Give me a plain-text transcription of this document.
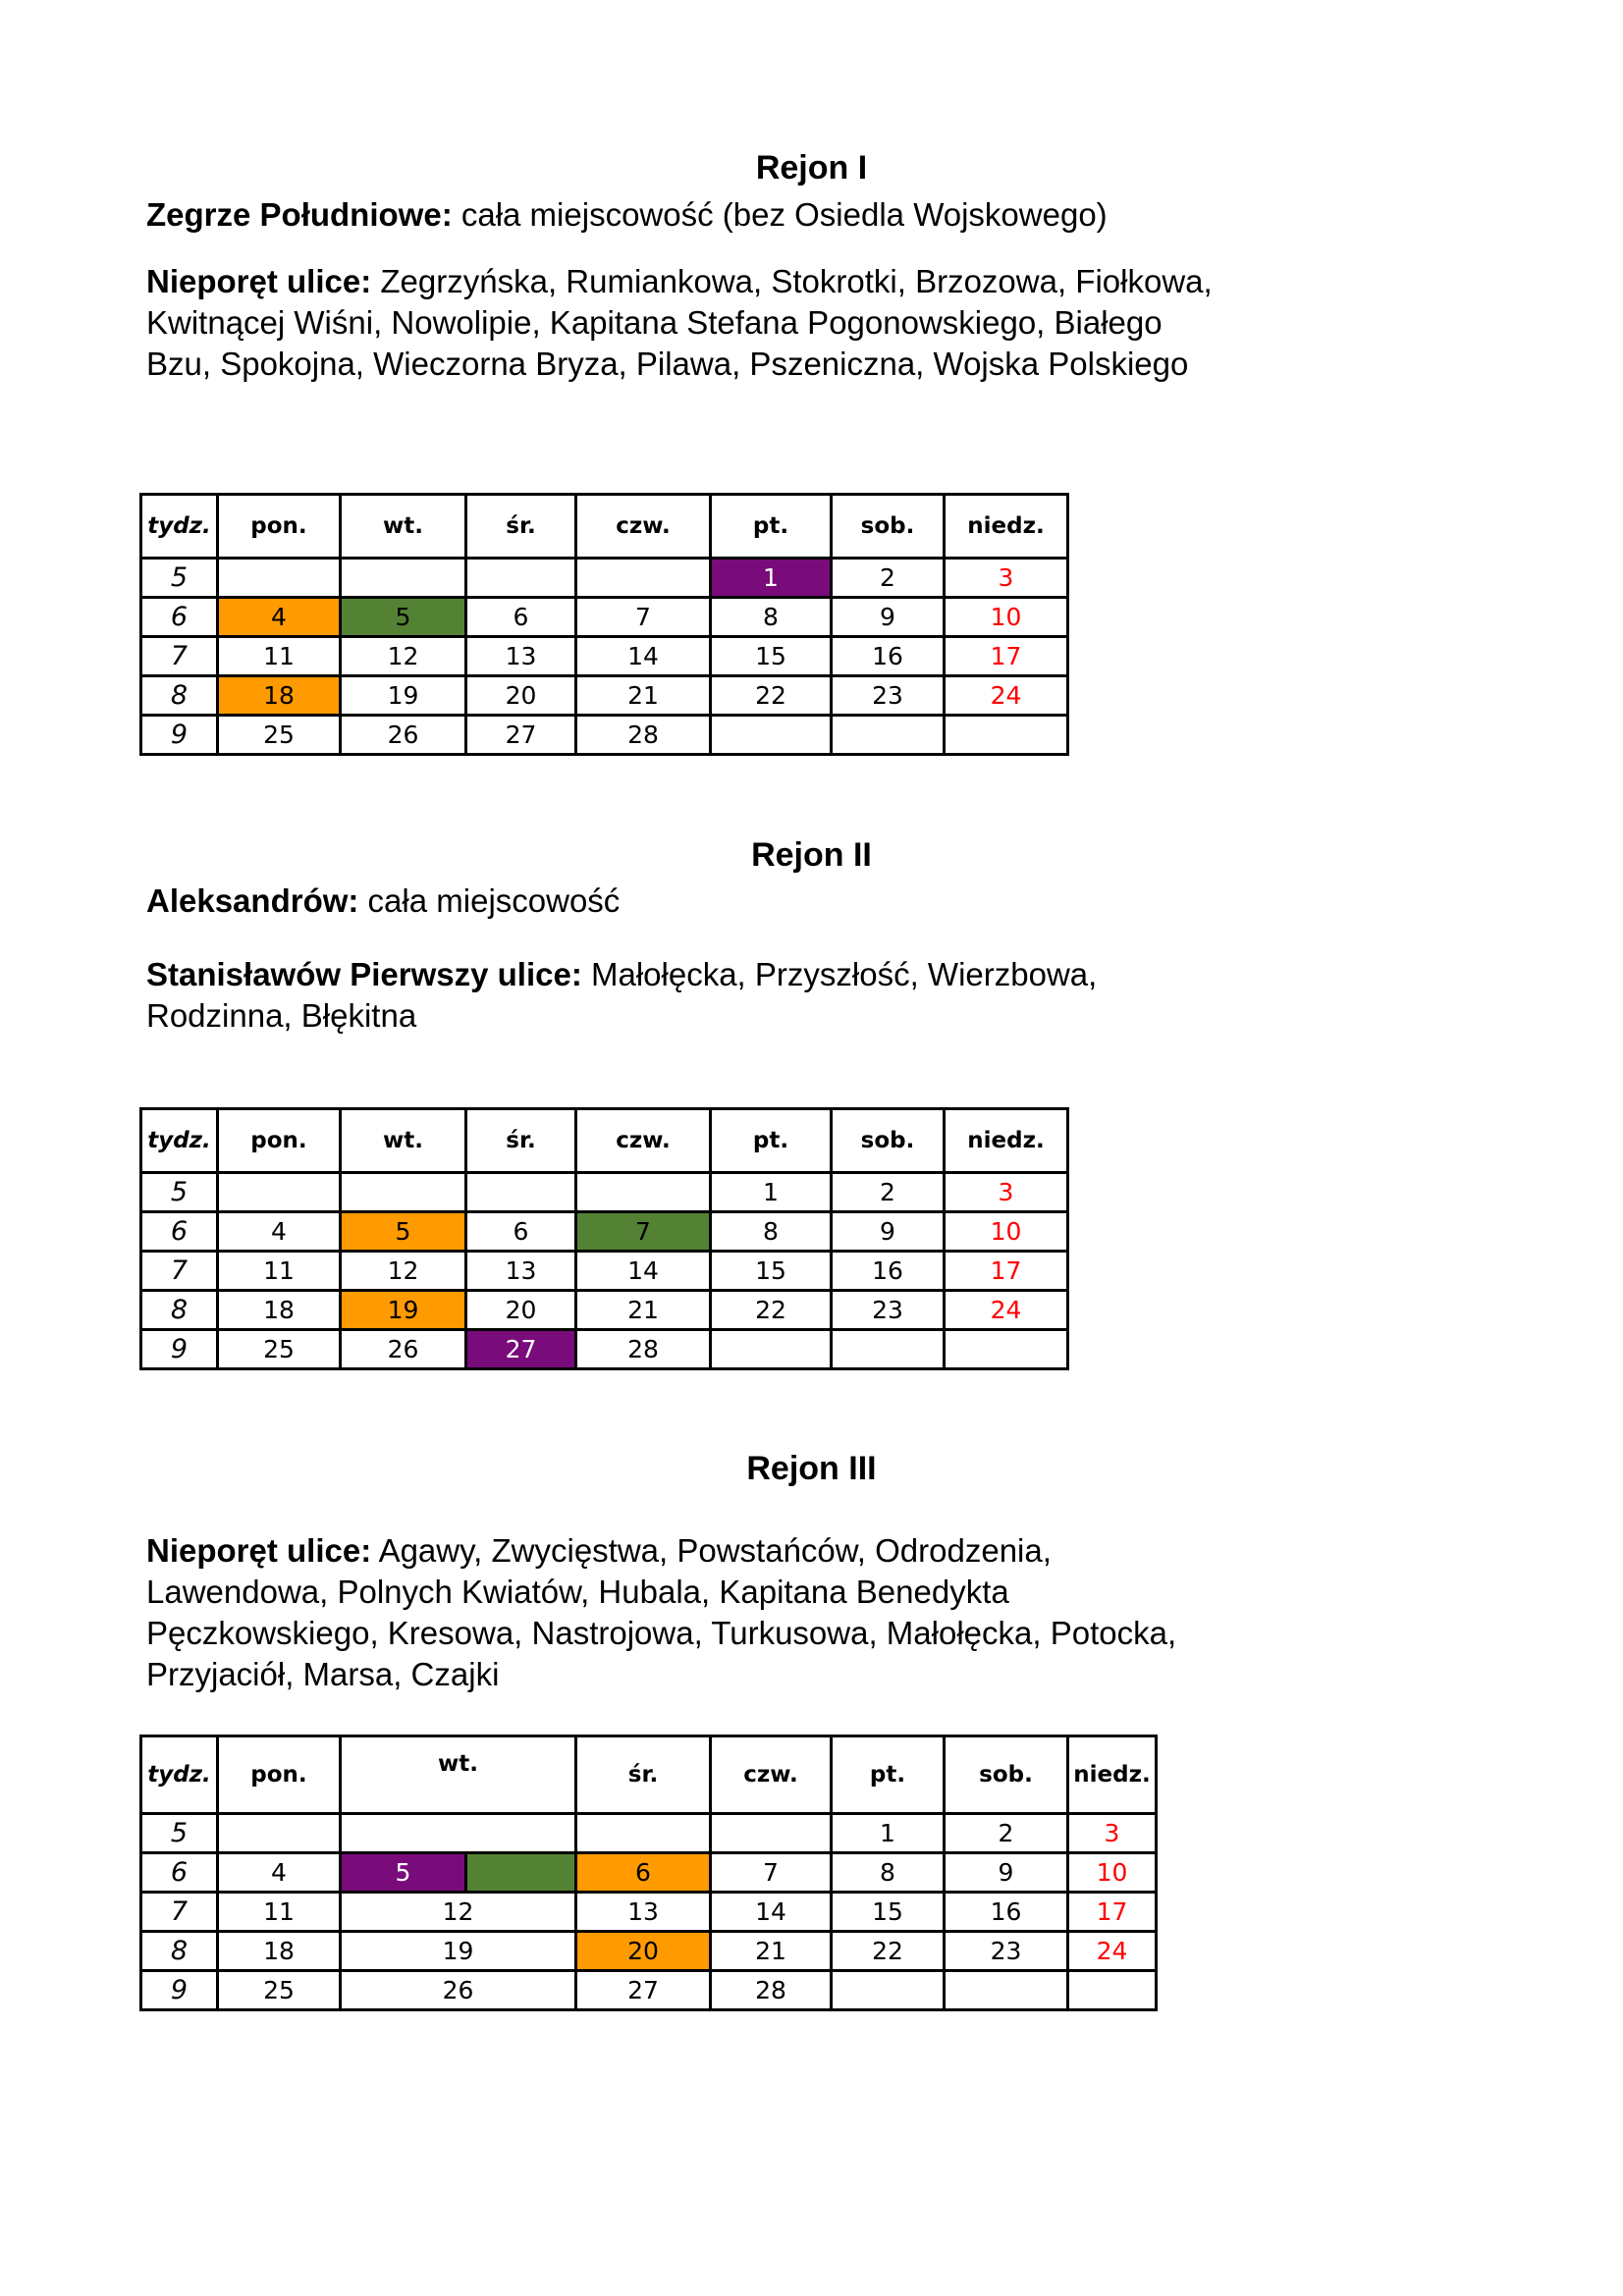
Rejon I

Zegrze Południowe: cała miejscowość (bez Osiedla Wojskowego)

Nieporęt ulice: Zegrzyńska, Rumiankowa, Stokrotki, Brzozowa, Fiołkowa, Kwitnącej Wiśni, Nowolipie, Kapitana Stefana Pogonowskiego, Białego Bzu, Spokojna, Wieczorna Bryza, Pilawa, Pszeniczna, Wojska Polskiego

tydz.	pon.	wt.	śr.	czw.	pt.	sob.	niedz.
5					1	2	3
6	4	5	6	7	8	9	10
7	11	12	13	14	15	16	17
8	18	19	20	21	22	23	24
9	25	26	27	28			
Rejon II

Aleksandrów: cała miejscowość

Stanisławów Pierwszy ulice: Małołęcka, Przyszłość, Wierzbowa, Rodzinna, Błękitna

tydz.	pon.	wt.	śr.	czw.	pt.	sob.	niedz.
5					1	2	3
6	4	5	6	7	8	9	10
7	11	12	13	14	15	16	17
8	18	19	20	21	22	23	24
9	25	26	27	28			
Rejon III

Nieporęt ulice: Agawy, Zwycięstwa, Powstańców, Odrodzenia, Lawendowa, Polnych Kwiatów, Hubala, Kapitana Benedykta Pęczkowskiego, Kresowa, Nastrojowa, Turkusowa, Małołęcka, Potocka, Przyjaciół, Marsa, Czajki

tydz.	pon.	wt.		śr.	czw.	pt.	sob.	niedz.
5						1	2	3
6	4	5		6	7	8	9	10
7	11	12		13	14	15	16	17
8	18	19		20	21	22	23	24
9	25	26		27	28			
